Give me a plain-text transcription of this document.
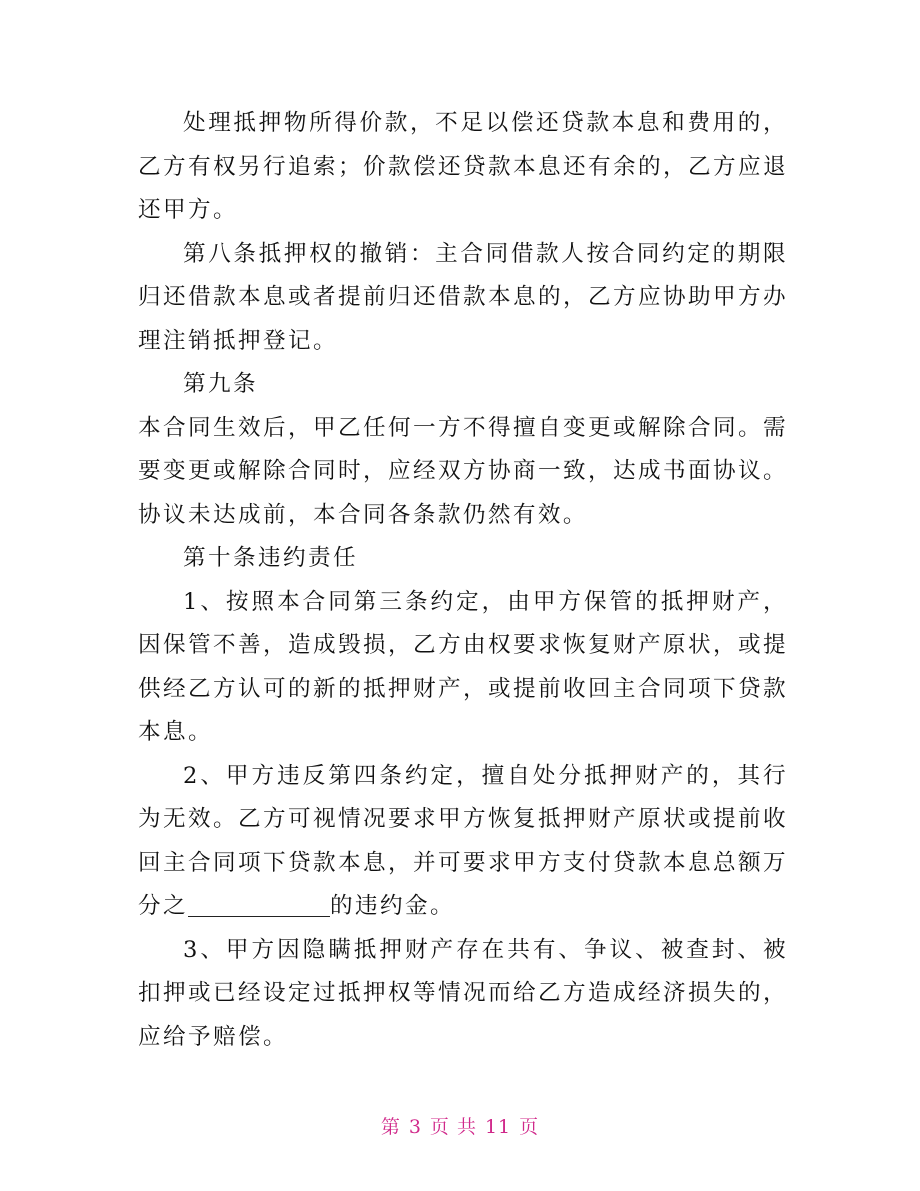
处理抵押物所得价款，不足以偿还贷款本息和费用的，乙方有权另行追索；价款偿还贷款本息还有余的，乙方应退还甲方。

第八条抵押权的撤销：主合同借款人按合同约定的期限归还借款本息或者提前归还借款本息的，乙方应协助甲方办理注销抵押登记。

第九条

本合同生效后，甲乙任何一方不得擅自变更或解除合同。需要变更或解除合同时，应经双方协商一致，达成书面协议。协议未达成前，本合同各条款仍然有效。

第十条违约责任

1、按照本合同第三条约定，由甲方保管的抵押财产，因保管不善，造成毁损，乙方由权要求恢复财产原状，或提供经乙方认可的新的抵押财产，或提前收回主合同项下贷款本息。

2、甲方违反第四条约定，擅自处分抵押财产的，其行为无效。乙方可视情况要求甲方恢复抵押财产原状或提前收回主合同项下贷款本息，并可要求甲方支付贷款本息总额万分之	的违约金。

3、甲方因隐瞒抵押财产存在共有、争议、被查封、被扣押或已经设定过抵押权等情况而给乙方造成经济损失的，应给予赔偿。

第 3 页 共 11 页
